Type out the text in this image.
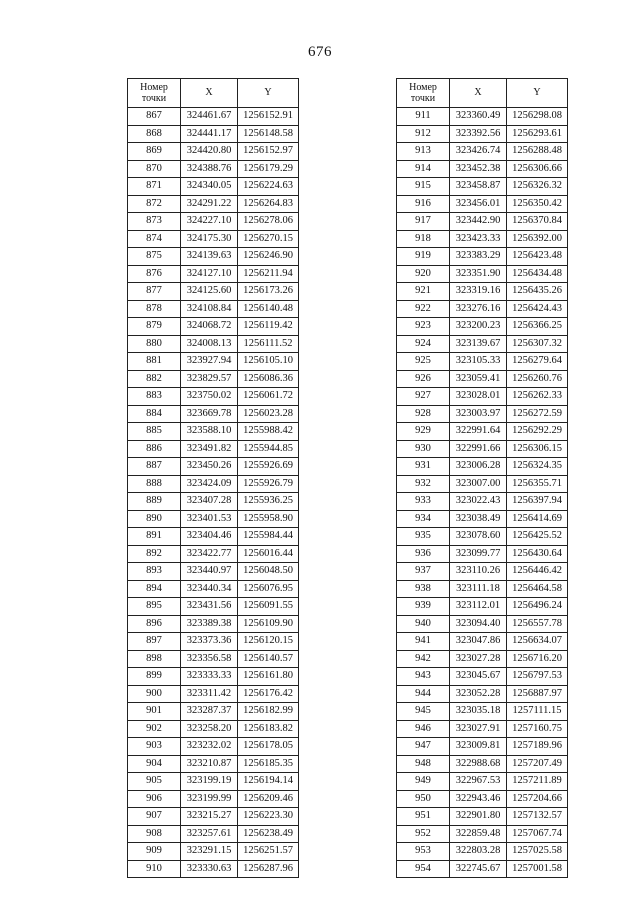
676
Номер точки	X	Y
867	324461.67	1256152.91
868	324441.17	1256148.58
869	324420.80	1256152.97
870	324388.76	1256179.29
871	324340.05	1256224.63
872	324291.22	1256264.83
873	324227.10	1256278.06
874	324175.30	1256270.15
875	324139.63	1256246.90
876	324127.10	1256211.94
877	324125.60	1256173.26
878	324108.84	1256140.48
879	324068.72	1256119.42
880	324008.13	1256111.52
881	323927.94	1256105.10
882	323829.57	1256086.36
883	323750.02	1256061.72
884	323669.78	1256023.28
885	323588.10	1255988.42
886	323491.82	1255944.85
887	323450.26	1255926.69
888	323424.09	1255926.79
889	323407.28	1255936.25
890	323401.53	1255958.90
891	323404.46	1255984.44
892	323422.77	1256016.44
893	323440.97	1256048.50
894	323440.34	1256076.95
895	323431.56	1256091.55
896	323389.38	1256109.90
897	323373.36	1256120.15
898	323356.58	1256140.57
899	323333.33	1256161.80
900	323311.42	1256176.42
901	323287.37	1256182.99
902	323258.20	1256183.82
903	323232.02	1256178.05
904	323210.87	1256185.35
905	323199.19	1256194.14
906	323199.99	1256209.46
907	323215.27	1256223.30
908	323257.61	1256238.49
909	323291.15	1256251.57
910	323330.63	1256287.96
Номер точки	X	Y
911	323360.49	1256298.08
912	323392.56	1256293.61
913	323426.74	1256288.48
914	323452.38	1256306.66
915	323458.87	1256326.32
916	323456.01	1256350.42
917	323442.90	1256370.84
918	323423.33	1256392.00
919	323383.29	1256423.48
920	323351.90	1256434.48
921	323319.16	1256435.26
922	323276.16	1256424.43
923	323200.23	1256366.25
924	323139.67	1256307.32
925	323105.33	1256279.64
926	323059.41	1256260.76
927	323028.01	1256262.33
928	323003.97	1256272.59
929	322991.64	1256292.29
930	322991.66	1256306.15
931	323006.28	1256324.35
932	323007.00	1256355.71
933	323022.43	1256397.94
934	323038.49	1256414.69
935	323078.60	1256425.52
936	323099.77	1256430.64
937	323110.26	1256446.42
938	323111.18	1256464.58
939	323112.01	1256496.24
940	323094.40	1256557.78
941	323047.86	1256634.07
942	323027.28	1256716.20
943	323045.67	1256797.53
944	323052.28	1256887.97
945	323035.18	1257111.15
946	323027.91	1257160.75
947	323009.81	1257189.96
948	322988.68	1257207.49
949	322967.53	1257211.89
950	322943.46	1257204.66
951	322901.80	1257132.57
952	322859.48	1257067.74
953	322803.28	1257025.58
954	322745.67	1257001.58
